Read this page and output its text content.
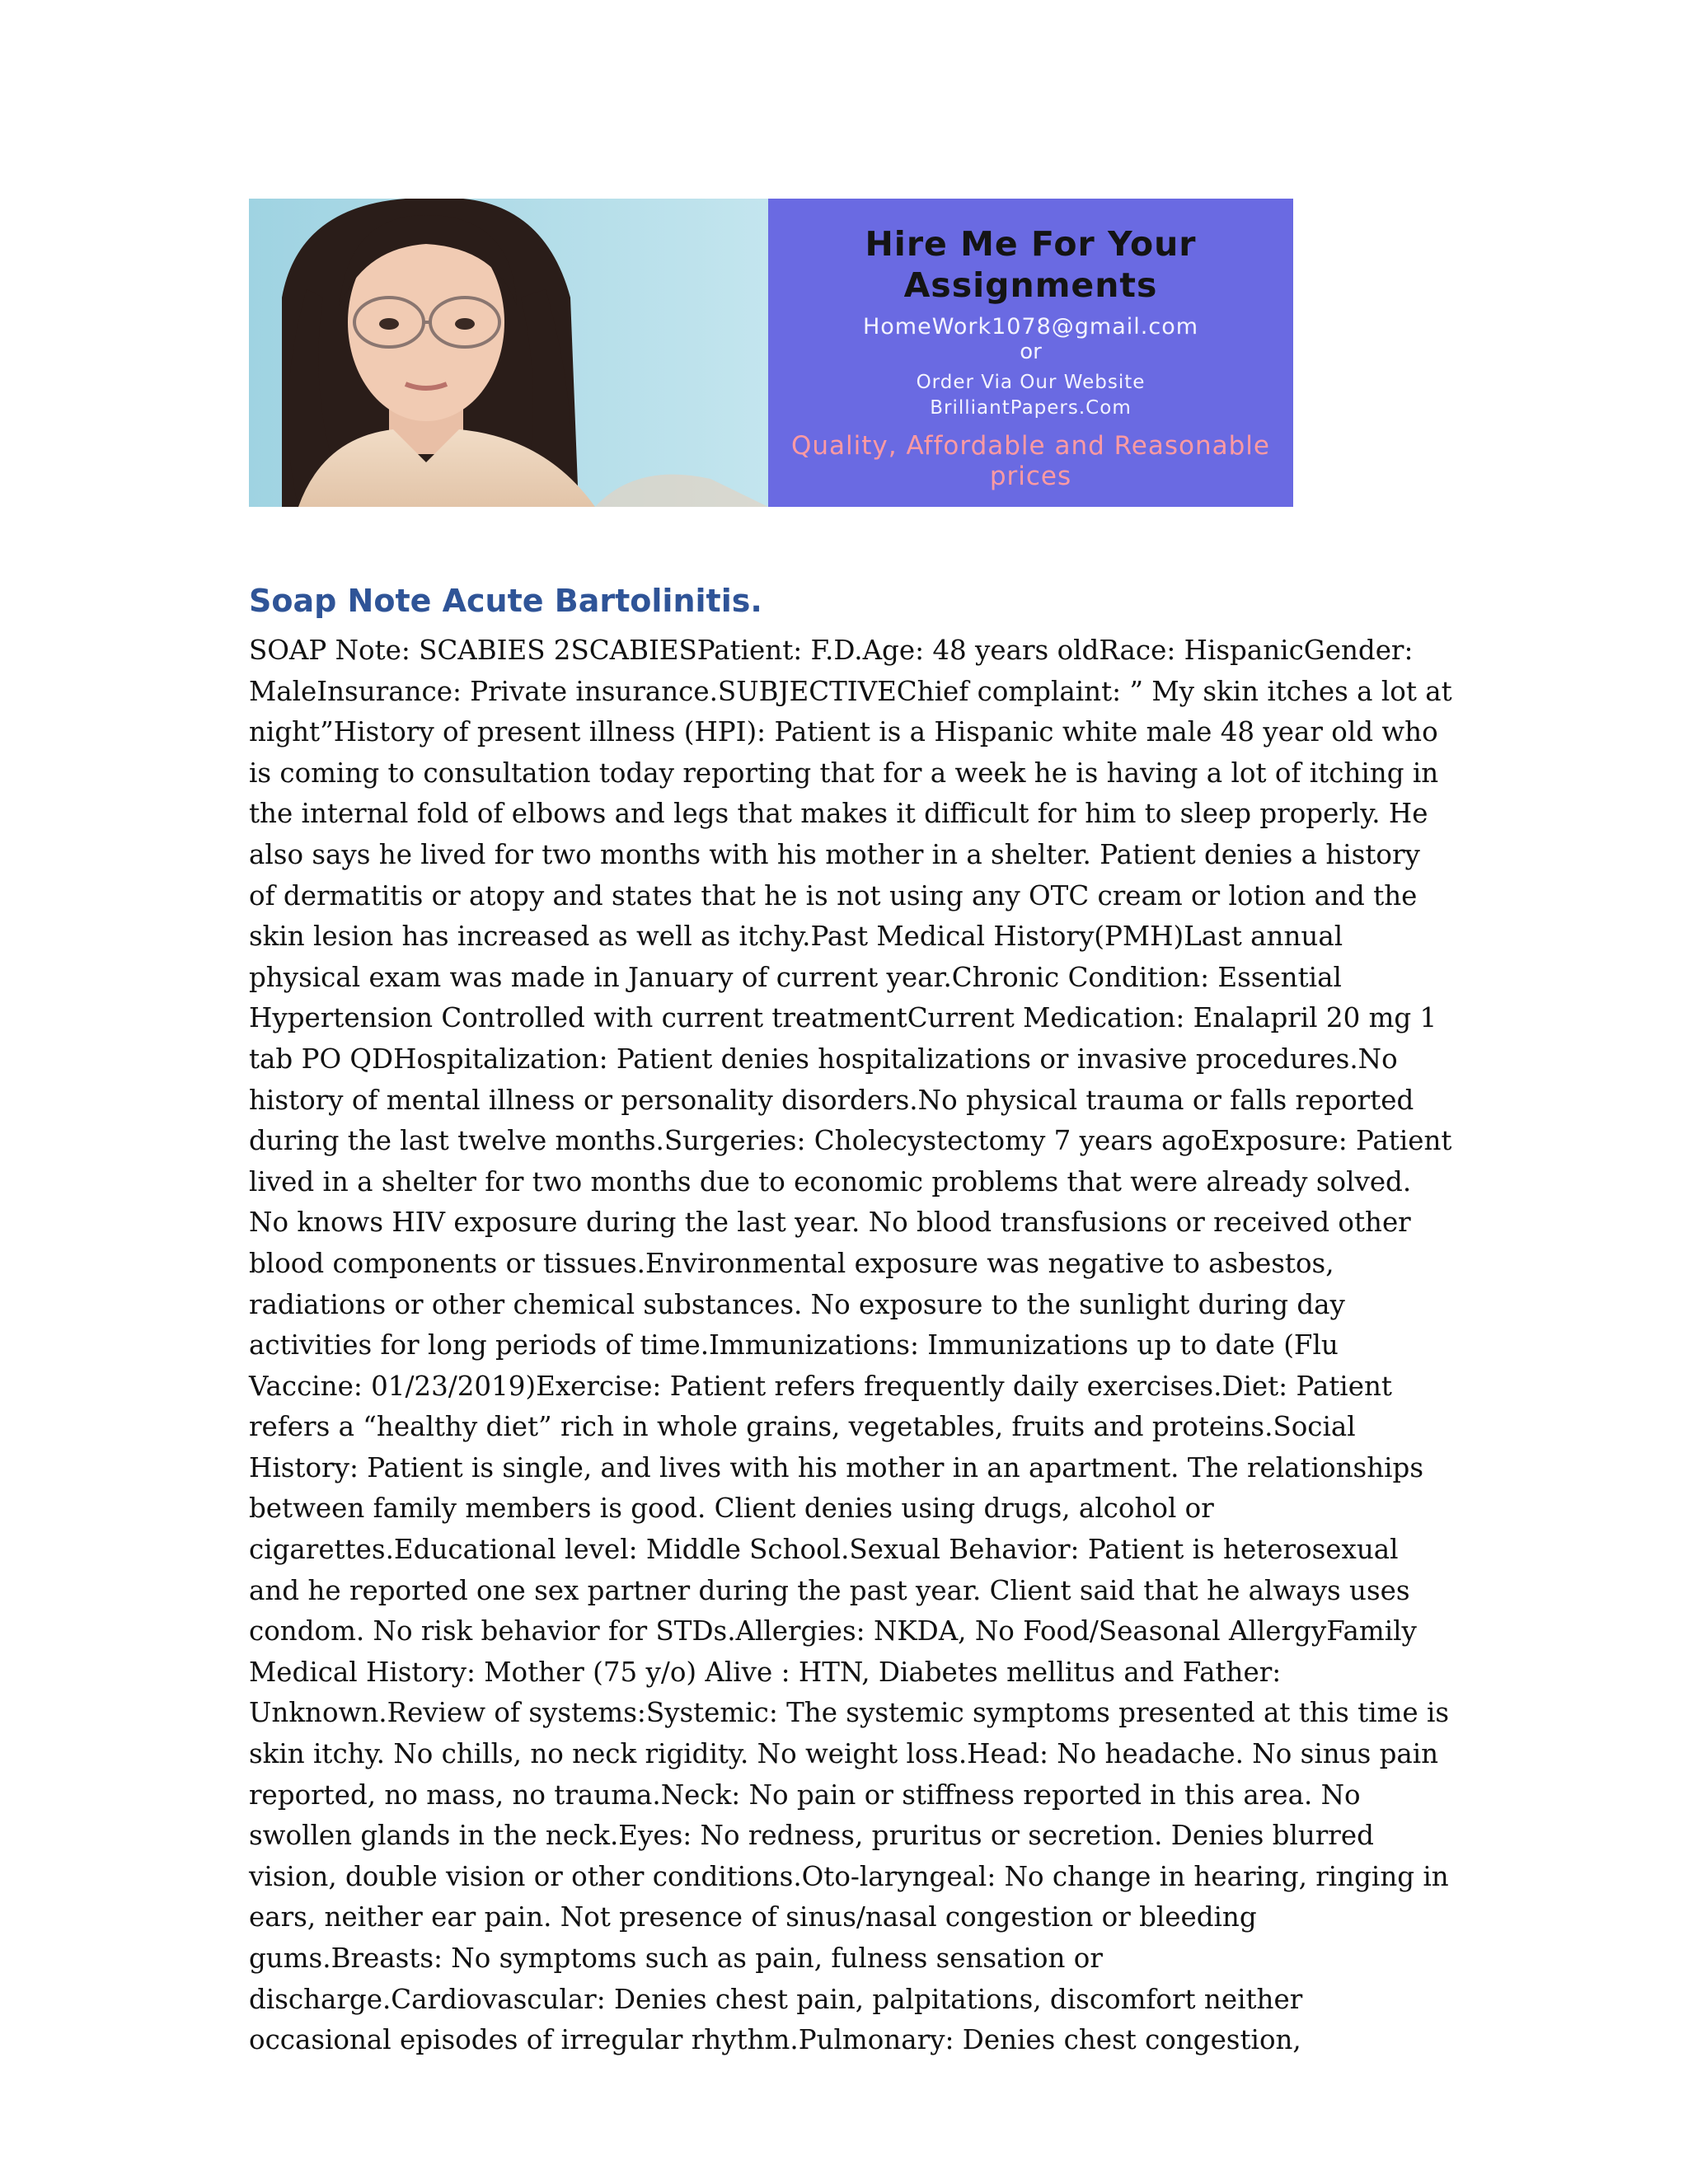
Hire Me For Your Assignments
HomeWork1078@gmail.com
or
Order Via Our Website
BrilliantPapers.Com
Quality, Affordable and Reasonable prices
Soap Note Acute Bartolinitis.

SOAP Note: SCABIES 2SCABIESPatient: F.D.Age: 48 years oldRace: HispanicGender: MaleInsurance: Private insurance.SUBJECTIVEChief complaint: ” My skin itches a lot at night”History of present illness (HPI): Patient is a Hispanic white male 48 year old who is coming to consultation today reporting that for a week he is having a lot of itching in the internal fold of elbows and legs that makes it difficult for him to sleep properly. He also says he lived for two months with his mother in a shelter. Patient denies a history of dermatitis or atopy and states that he is not using any OTC cream or lotion and the skin lesion has increased as well as itchy.Past Medical History(PMH)Last annual physical exam was made in January of current year.Chronic Condition: Essential Hypertension Controlled with current treatmentCurrent Medication: Enalapril 20 mg 1 tab PO QDHospitalization: Patient denies hospitalizations or invasive procedures.No history of mental illness or personality disorders.No physical trauma or falls reported during the last twelve months.Surgeries: Cholecystectomy 7 years agoExposure: Patient lived in a shelter for two months due to economic problems that were already solved. No knows HIV exposure during the last year. No blood transfusions or received other blood components or tissues.Environmental exposure was negative to asbestos, radiations or other chemical substances. No exposure to the sunlight during day activities for long periods of time.Immunizations: Immunizations up to date (Flu Vaccine: 01/23/2019)Exercise: Patient refers frequently daily exercises.Diet: Patient refers a “healthy diet” rich in whole grains, vegetables, fruits and proteins.Social History: Patient is single, and lives with his mother in an apartment. The relationships between family members is good. Client denies using drugs, alcohol or cigarettes.Educational level: Middle School.Sexual Behavior: Patient is heterosexual and he reported one sex partner during the past year. Client said that he always uses condom. No risk behavior for STDs.Allergies: NKDA, No Food/Seasonal AllergyFamily Medical History: Mother (75 y/o) Alive : HTN, Diabetes mellitus and Father: Unknown.Review of systems:Systemic: The systemic symptoms presented at this time is skin itchy. No chills, no neck rigidity. No weight loss.Head: No headache. No sinus pain reported, no mass, no trauma.Neck: No pain or stiffness reported in this area. No swollen glands in the neck.Eyes: No redness, pruritus or secretion. Denies blurred vision, double vision or other conditions.Oto-laryngeal: No change in hearing, ringing in ears, neither ear pain. Not presence of sinus/nasal congestion or bleeding gums.Breasts: No symptoms such as pain, fulness sensation or discharge.Cardiovascular: Denies chest pain, palpitations, discomfort neither occasional episodes of irregular rhythm.Pulmonary: Denies chest congestion,
